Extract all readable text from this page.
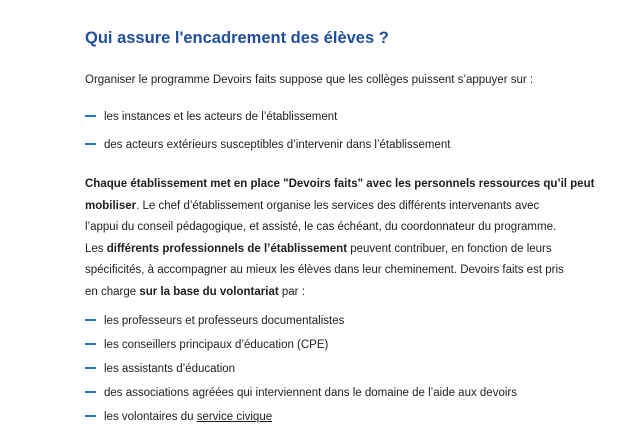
Qui assure l'encadrement des élèves ?

Organiser le programme Devoirs faits suppose que les collèges puissent s’appuyer sur :

les instances et les acteurs de l’établissement
des acteurs extérieurs susceptibles d’intervenir dans l’établissement

Chaque établissement met en place "Devoirs faits" avec les personnels ressources qu’il peut
mobiliser. Le chef d’établissement organise les services des différents intervenants avec
l’appui du conseil pédagogique, et assisté, le cas échéant, du coordonnateur du programme.
Les différents professionnels de l’établissement peuvent contribuer, en fonction de leurs
spécificités, à accompagner au mieux les élèves dans leur cheminement. Devoirs faits est pris
en charge sur la base du volontariat par :

les professeurs et professeurs documentalistes
les conseillers principaux d’éducation (CPE)
les assistants d’éducation
des associations agréées qui interviennent dans le domaine de l’aide aux devoirs
les volontaires du service civique
